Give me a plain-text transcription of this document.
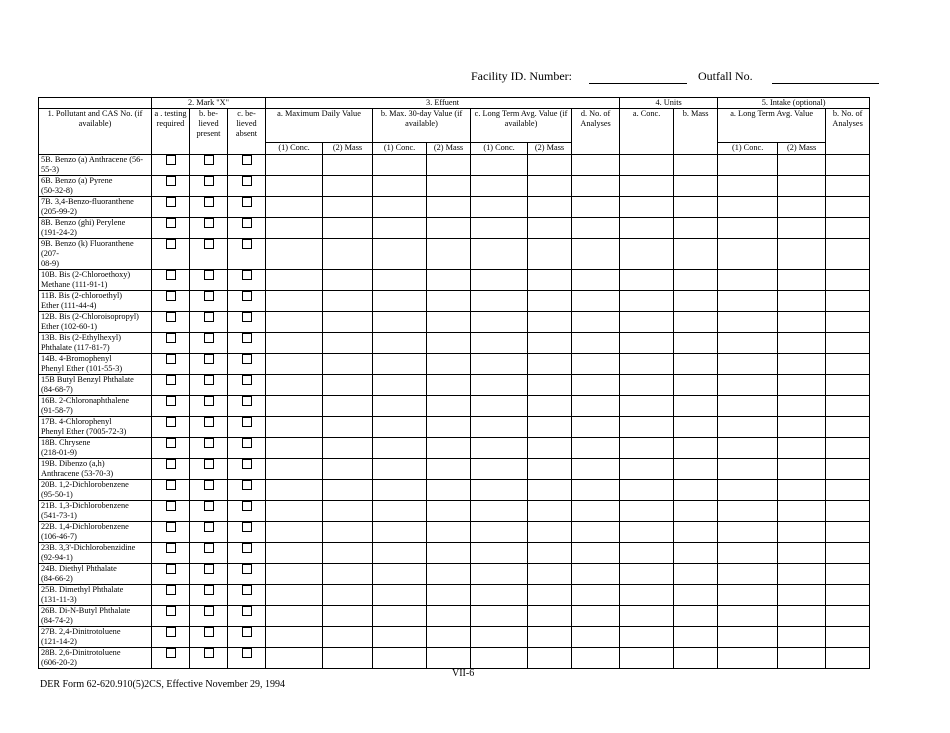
Facility ID. Number:	Outfall No.
	2. Mark "X"			3. Effuent							4. Units		5. Intake (optional)		
1. Pollutant and CAS No. (if available)	a . testing required	b. be- lieved present	c. be- lieved absent	a. Maximum Daily Value		b. Max. 30-day Value (if available)		c. Long Term Avg. Value (if available)		d. No. of Analyses	a. Conc.	b. Mass	a. Long Term Avg. Value		b. No. of Analyses
				(1) Conc.	(2) Mass	(1) Conc.	(2) Mass	(1) Conc.	(2) Mass				(1) Conc.	(2) Mass	

5B. Benzo (a) Anthracene (56-
55-3)															

6B. Benzo (a) Pyrene
(50-32-8)															

7B. 3,4-Benzo-fluoranthene
(205-99-2)															

8B. Benzo (ghi) Perylene
(191-24-2)															

9B. Benzo (k) Fluoranthene (207-
08-9)															

10B. Bis (2-Chloroethoxy)
Methane (111-91-1)															

11B. Bis (2-chloroethyl)
Ether (111-44-4)															

12B. Bis (2-Chloroisopropyl)
Ether (102-60-1)															

13B. Bis (2-Ethylhexyl)
Phthalate (117-81-7)															

14B. 4-Bromophenyl
Phenyl Ether (101-55-3)															

15B Butyl Benzyl Phthalate
(84-68-7)															

16B. 2-Chloronaphthalene
(91-58-7)															

17B. 4-Chlorophenyl
Phenyl Ether (7005-72-3)															

18B. Chrysene
(218-01-9)															

19B. Dibenzo (a,h)
Anthracene (53-70-3)															

20B. 1,2-Dichlorobenzene
(95-50-1)															

21B. 1,3-Dichlorobenzene
(541-73-1)															

22B. 1,4-Dichlorobenzene
(106-46-7)															

23B. 3,3'-Dichlorobenzidine
(92-94-1)															

24B. Diethyl Phthalate
(84-66-2)															

25B. Dimethyl Phthalate
(131-11-3)															

26B. Di-N-Butyl Phthalate
(84-74-2)															

27B. 2,4-Dinitrotoluene
(121-14-2)															

28B. 2,6-Dinitrotoluene
(606-20-2)															

VII-6
DER Form 62-620.910(5)2CS, Effective November 29, 1994
